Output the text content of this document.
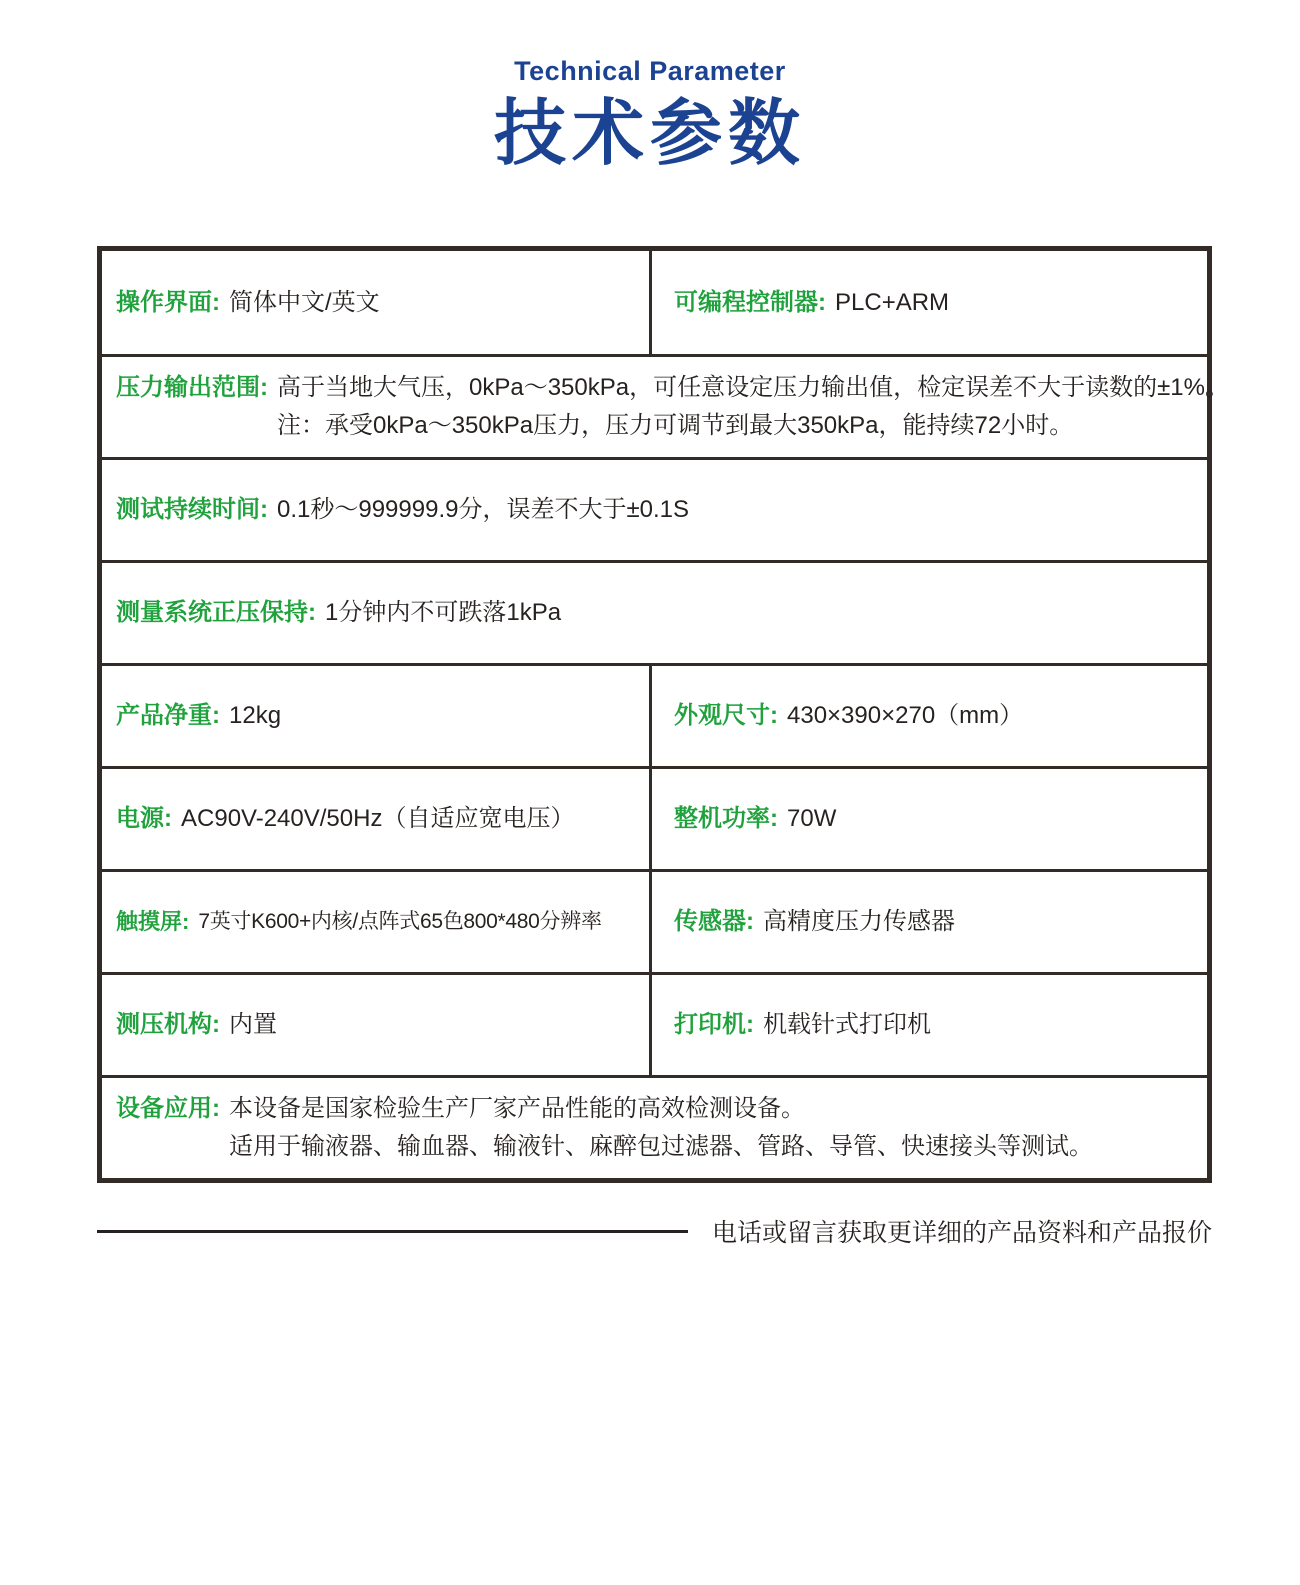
Technical Parameter
技术参数
操作界面: 简体中文/英文	可编程控制器: PLC+ARM
压力输出范围: 高于当地大气压，0kPa～350kPa，可任意设定压力输出值，检定误差不大于读数的±1%。
注：承受0kPa～350kPa压力，压力可调节到最大350kPa，能持续72小时。
测试持续时间: 0.1秒～999999.9分，误差不大于±0.1S
测量系统正压保持: 1分钟内不可跌落1kPa
产品净重: 12kg	外观尺寸: 430×390×270（mm）
电源: AC90V-240V/50Hz（自适应宽电压）	整机功率: 70W
触摸屏: 7英寸K600+内核/点阵式65色800*480分辨率	传感器: 高精度压力传感器
测压机构: 内置	打印机: 机载针式打印机
设备应用: 本设备是国家检验生产厂家产品性能的高效检测设备。
适用于输液器、输血器、输液针、麻醉包过滤器、管路、导管、快速接头等测试。
电话或留言获取更详细的产品资料和产品报价
